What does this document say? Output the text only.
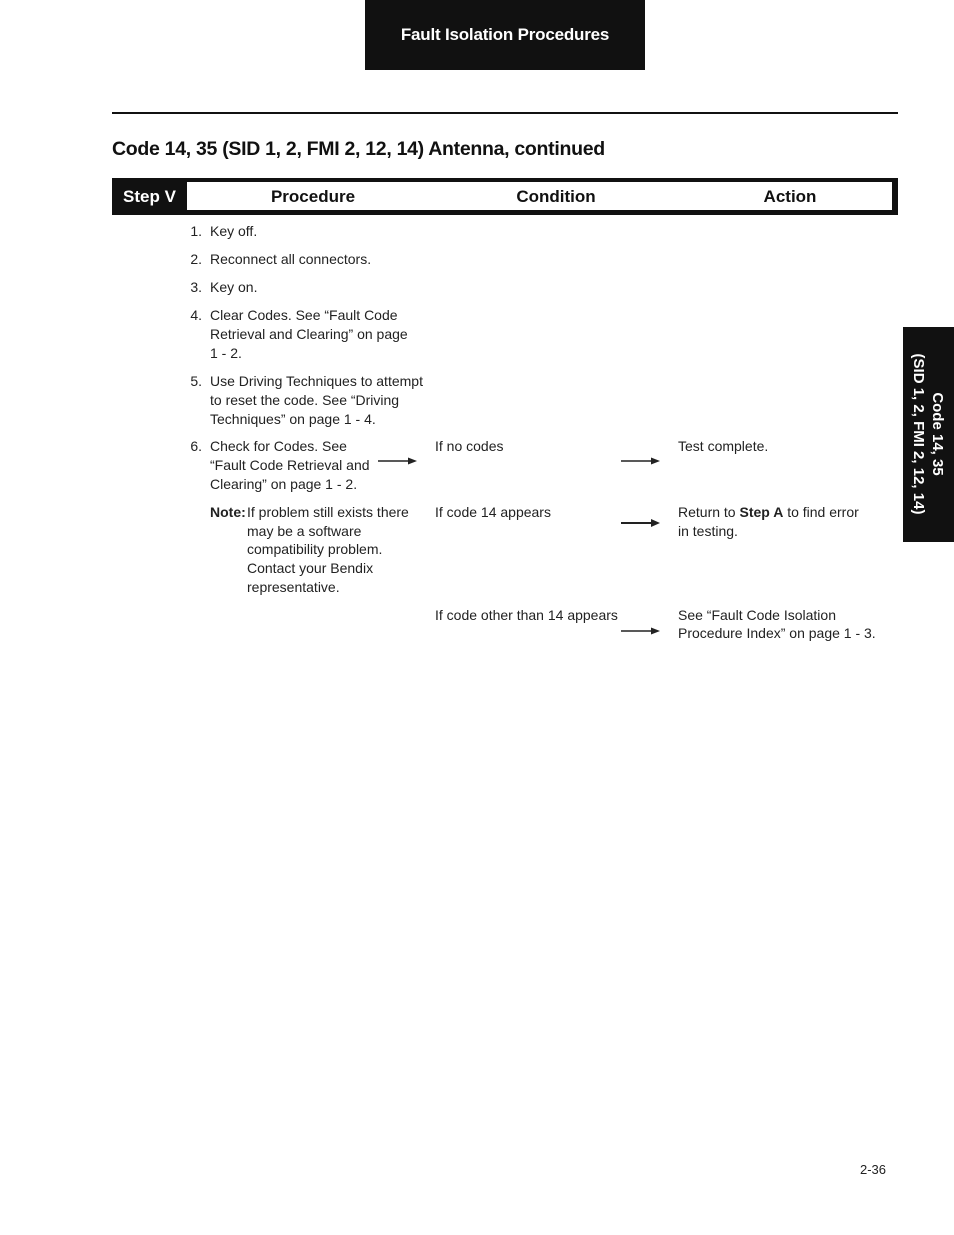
Fault Isolation Procedures
Code 14, 35 (SID 1, 2, FMI 2, 12, 14) Antenna, continued
Step V	Procedure	Condition	Action
1. Key off.
2. Reconnect all connectors.
3. Key on.
4. Clear Codes. See “Fault Code
Retrieval and Clearing” on page
1 - 2.
5. Use Driving Techniques to attempt
to reset the code. See “Driving
Techniques” on page 1 - 4.
6. Check for Codes. See
“Fault Code Retrieval and
Clearing” on page 1 - 2.
Note: If problem still exists there
may be a software
compatibility problem.
Contact your Bendix
representative.
If no codes	Test complete.
If code 14 appears	Return to Step A to find error
in testing.
If code other than 14 appears	See “Fault Code Isolation
Procedure Index” on page 1 - 3.
Code 14, 35
(SID 1, 2, FMI 2, 12, 14)
2-36
